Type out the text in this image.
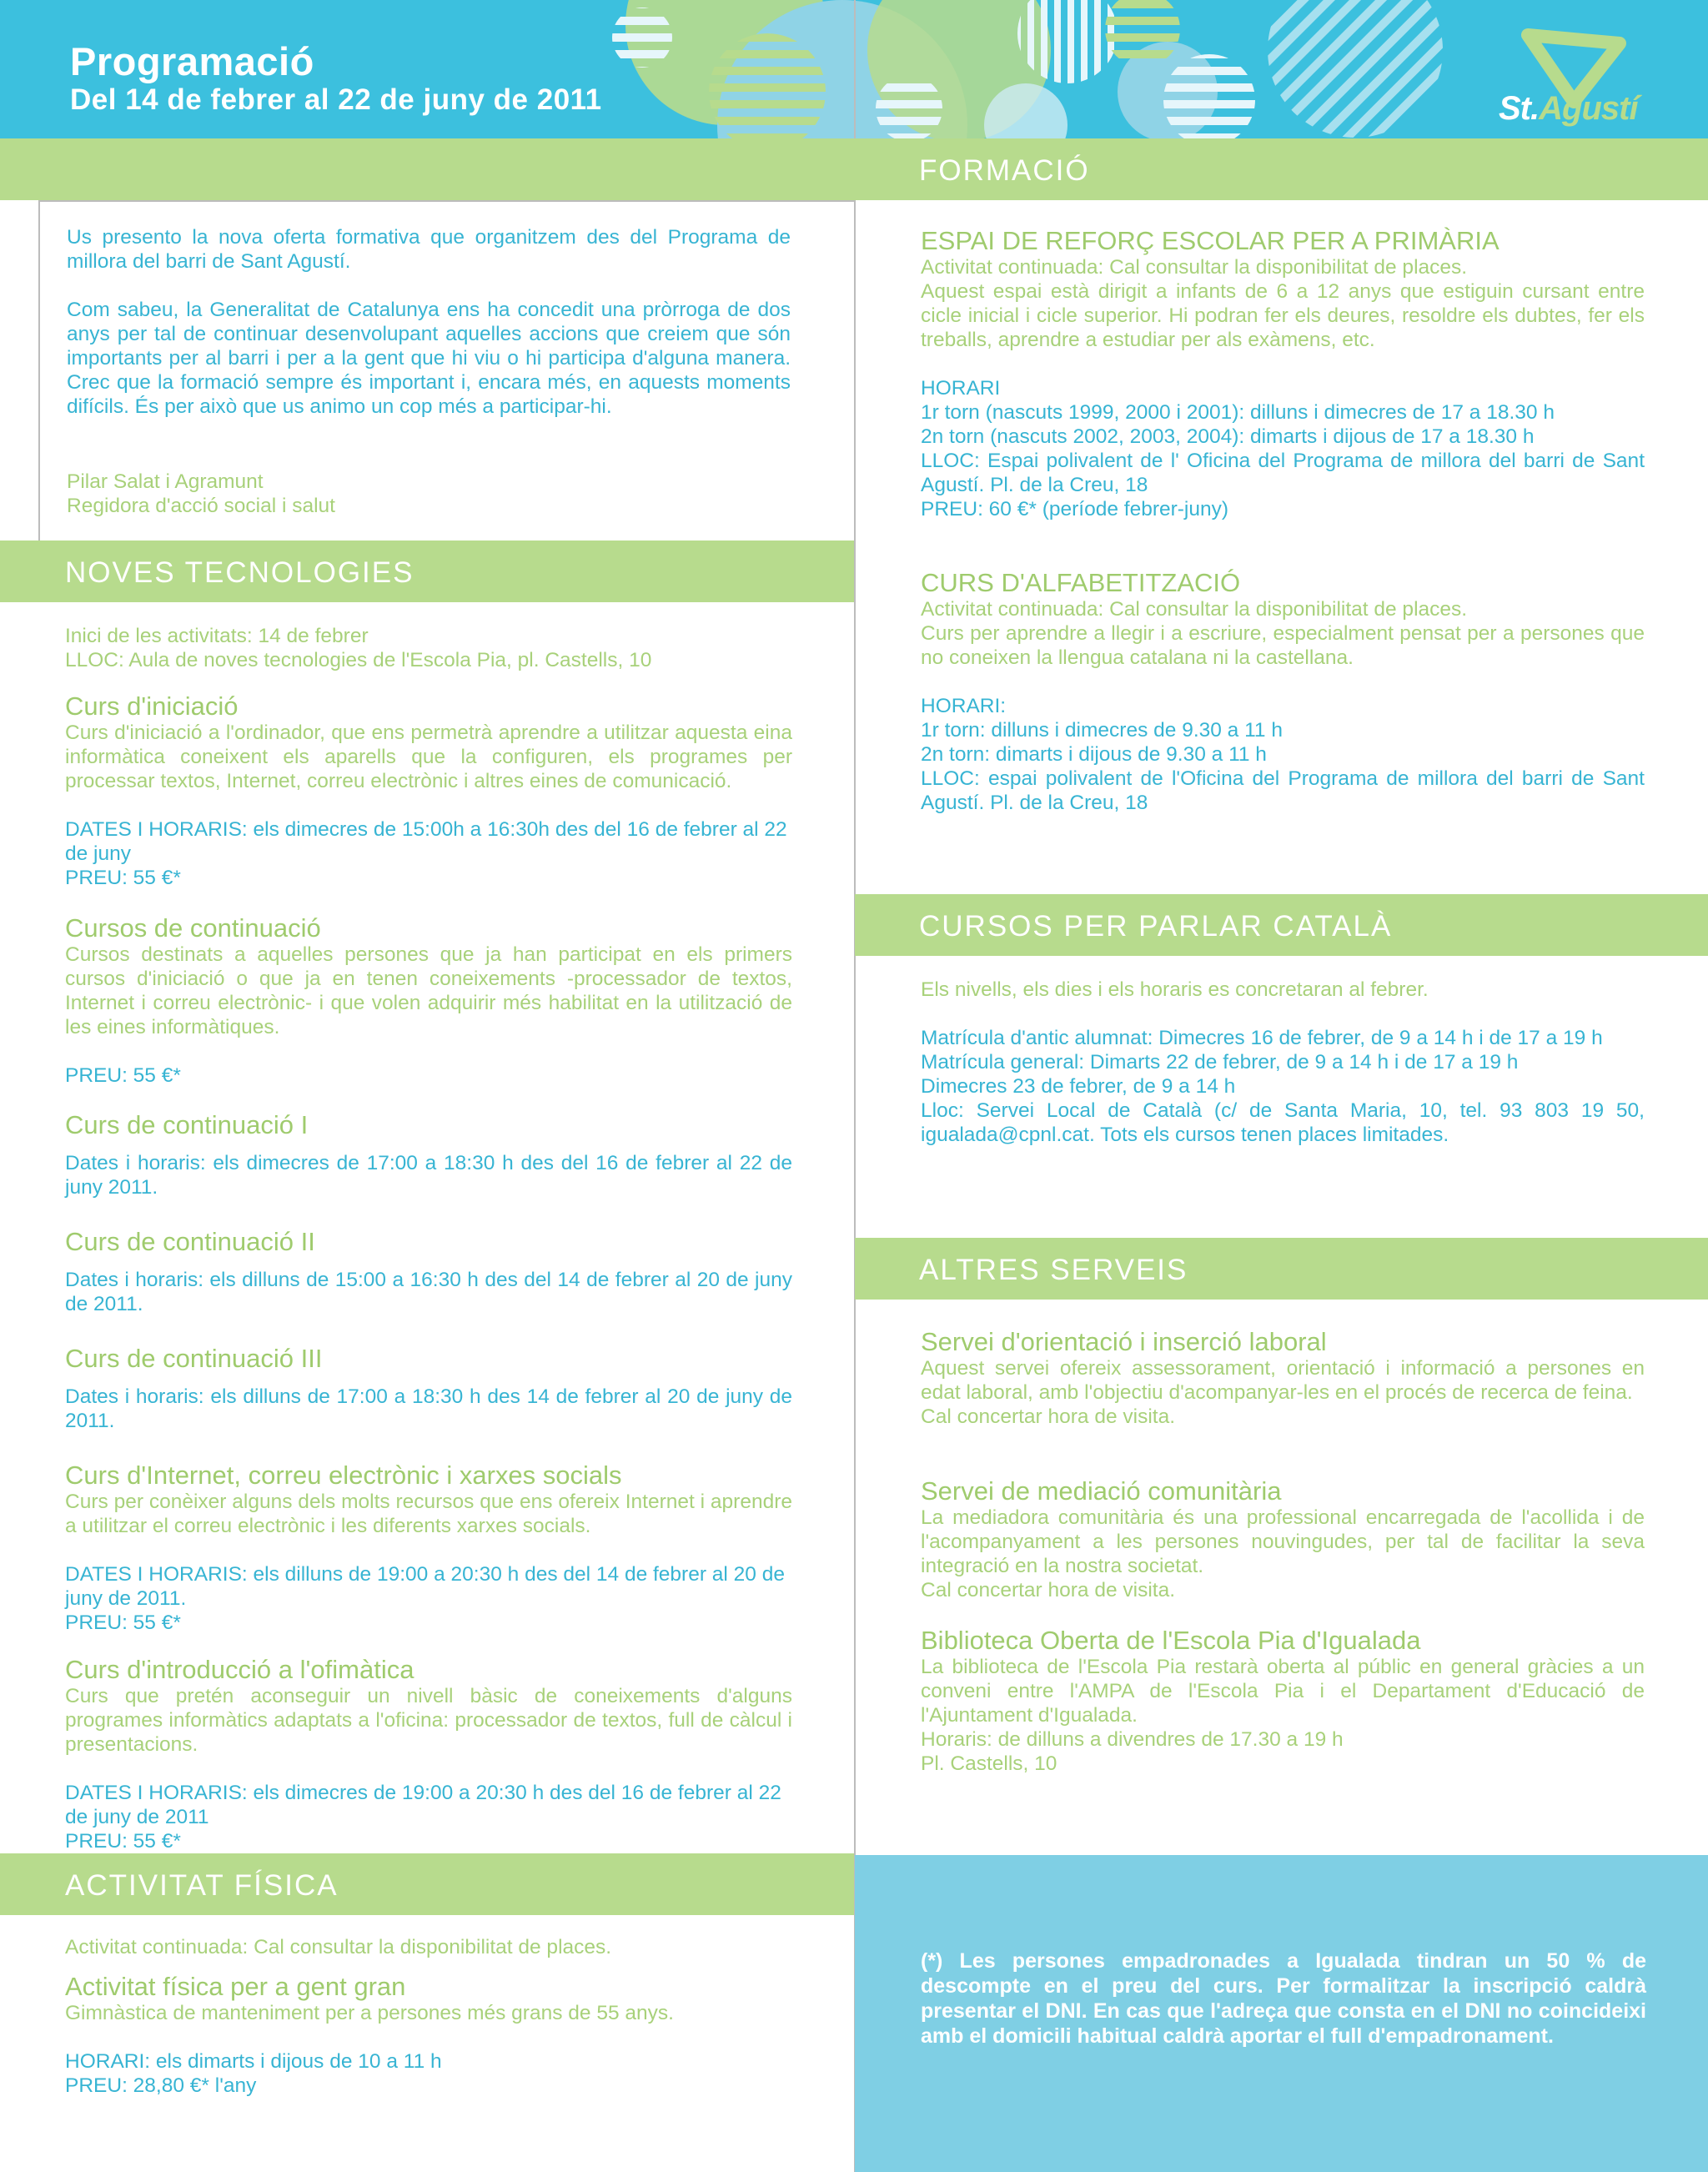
Programació
Del 14 de febrer al 22 de juny de 2011	St.Agustí
FORMACIÓ
Us presento la nova oferta formativa que organitzem des del Programa de millora del barri de Sant Agustí.
Com sabeu, la Generalitat de Catalunya ens ha concedit una pròrroga de dos anys per tal de continuar desenvolupant aquelles accions que creiem que són importants per al barri i per a la gent que hi viu o hi participa d'alguna manera. Crec que la formació sempre és important i, encara més, en aquests moments difícils. És per això que us animo un cop més a participar-hi.
Pilar Salat i Agramunt
Regidora d'acció social i salut
NOVES TECNOLOGIES
Inici de les activitats: 14 de febrer
LLOC: Aula de noves tecnologies de l'Escola Pia, pl. Castells, 10
Curs d'iniciació
Curs d'iniciació a l'ordinador, que ens permetrà aprendre a utilitzar aquesta eina informàtica coneixent els aparells que la configuren, els programes per processar textos, Internet, correu electrònic i altres eines de comunicació.
DATES I HORARIS: els dimecres de 15:00h a 16:30h des del 16 de febrer al 22 de juny
PREU: 55 €*
Cursos de continuació
Cursos destinats a aquelles persones que ja han participat en els primers cursos d'iniciació o que ja en tenen coneixements -processador de textos, Internet i correu electrònic- i que volen adquirir més habilitat en la utilització de les eines informàtiques.
PREU: 55 €*
Curs de continuació I
Dates i horaris: els dimecres de 17:00 a 18:30 h des del 16 de febrer al 22 de juny 2011.
Curs de continuació II
Dates i horaris: els dilluns de 15:00 a 16:30 h des del 14 de febrer al 20 de juny de 2011.
Curs de continuació III
Dates i horaris: els dilluns de 17:00 a 18:30 h des 14 de febrer al 20 de juny de 2011.
Curs d'Internet, correu electrònic i xarxes socials
Curs per conèixer alguns dels molts recursos que ens ofereix Internet i aprendre a utilitzar el correu electrònic i les diferents xarxes socials.
DATES I HORARIS: els dilluns de 19:00 a 20:30 h des del 14 de febrer al 20 de juny de 2011.
PREU: 55 €*
Curs d'introducció a l'ofimàtica
Curs que pretén aconseguir un nivell bàsic de coneixements d'alguns programes informàtics adaptats a l'oficina: processador de textos, full de càlcul i presentacions.
DATES I HORARIS: els dimecres de 19:00 a 20:30 h des del 16 de febrer al 22 de juny de 2011
PREU: 55 €*
ACTIVITAT FÍSICA
Activitat continuada: Cal consultar la disponibilitat de places.
Activitat física per a gent gran
Gimnàstica de manteniment per a persones més grans de 55 anys.
HORARI: els dimarts i dijous de 10 a 11 h
PREU: 28,80 €* l'any
ESPAI DE REFORÇ ESCOLAR PER A PRIMÀRIA
Activitat continuada: Cal consultar la disponibilitat de places.
Aquest espai està dirigit a infants de 6 a 12 anys que estiguin cursant entre cicle inicial i cicle superior. Hi podran fer els deures, resoldre els dubtes, fer els treballs, aprendre a estudiar per als exàmens, etc.
HORARI
1r torn (nascuts 1999, 2000 i 2001): dilluns i dimecres de 17 a 18.30 h
2n torn (nascuts 2002, 2003, 2004): dimarts i dijous de 17 a 18.30 h
LLOC: Espai polivalent de l' Oficina del Programa de millora del barri de Sant Agustí. Pl. de la Creu, 18
PREU: 60 €* (període febrer-juny)
CURS D'ALFABETITZACIÓ
Activitat continuada: Cal consultar la disponibilitat de places.
Curs per aprendre a llegir i a escriure, especialment pensat per a persones que no coneixen la llengua catalana ni la castellana.
HORARI:
1r torn: dilluns i dimecres de 9.30 a 11 h
2n torn: dimarts i dijous de 9.30 a 11 h
LLOC: espai polivalent de l'Oficina del Programa de millora del barri de Sant Agustí. Pl. de la Creu, 18
CURSOS PER PARLAR CATALÀ
Els nivells, els dies i els horaris es concretaran al febrer.
Matrícula d'antic alumnat: Dimecres 16 de febrer, de 9 a 14 h i de 17 a 19 h
Matrícula general: Dimarts 22 de febrer, de 9 a 14 h i de 17 a 19 h
Dimecres 23 de febrer, de 9 a 14 h
Lloc: Servei Local de Català (c/ de Santa Maria, 10, tel. 93 803 19 50, igualada@cpnl.cat. Tots els cursos tenen places limitades.
ALTRES SERVEIS
Servei d'orientació i inserció laboral
Aquest servei ofereix assessorament, orientació i informació a persones en edat laboral, amb l'objectiu d'acompanyar-les en el procés de recerca de feina.
Cal concertar hora de visita.
Servei de mediació comunitària
La mediadora comunitària és una professional encarregada de l'acollida i de l'acompanyament a les persones nouvingudes, per tal de facilitar la seva integració en la nostra societat.
Cal concertar hora de visita.
Biblioteca Oberta de l'Escola Pia d'Igualada
La biblioteca de l'Escola Pia restarà oberta al públic en general gràcies a un conveni entre l'AMPA de l'Escola Pia i el Departament d'Educació de l'Ajuntament d'Igualada.
Horaris: de dilluns a divendres de 17.30 a 19 h
Pl. Castells, 10
(*) Les persones empadronades a Igualada tindran un 50 % de descompte en el preu del curs. Per formalitzar la inscripció caldrà presentar el DNI. En cas que l'adreça que consta en el DNI no coincideixi amb el domicili habitual caldrà aportar el full d'empadronament.
